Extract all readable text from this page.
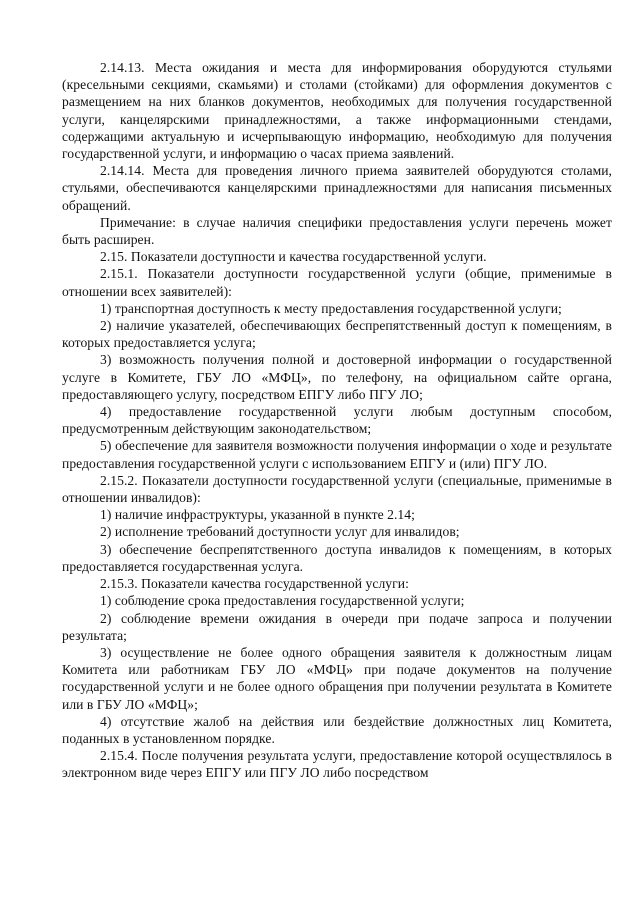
2.14.13. Места ожидания и места для информирования оборудуются стульями (кресельными секциями, скамьями) и столами (стойками) для оформления документов с размещением на них бланков документов, необходимых для получения государственной услуги, канцелярскими принадлежностями, а также информационными стендами, содержащими актуальную и исчерпывающую информацию, необходимую для получения государственной услуги, и информацию о часах приема заявлений.

2.14.14. Места для проведения личного приема заявителей оборудуются столами, стульями, обеспечиваются канцелярскими принадлежностями для написания письменных обращений.

Примечание: в случае наличия специфики предоставления услуги перечень может быть расширен.

2.15. Показатели доступности и качества государственной услуги.

2.15.1. Показатели доступности государственной услуги (общие, применимые в отношении всех заявителей):

1) транспортная доступность к месту предоставления государственной услуги;

2) наличие указателей, обеспечивающих беспрепятственный доступ к помещениям, в которых предоставляется услуга;

3) возможность получения полной и достоверной информации о государственной услуге в Комитете, ГБУ ЛО «МФЦ», по телефону, на официальном сайте органа, предоставляющего услугу, посредством ЕПГУ либо ПГУ ЛО;

4) предоставление государственной услуги любым доступным способом, предусмотренным действующим законодательством;

5) обеспечение для заявителя возможности получения информации о ходе и результате предоставления государственной услуги с использованием ЕПГУ и (или) ПГУ ЛО.

2.15.2. Показатели доступности государственной услуги (специальные, применимые в отношении инвалидов):

1) наличие инфраструктуры, указанной в пункте 2.14;

2) исполнение требований доступности услуг для инвалидов;

3) обеспечение беспрепятственного доступа инвалидов к помещениям, в которых предоставляется государственная услуга.

2.15.3. Показатели качества государственной услуги:

1) соблюдение срока предоставления государственной услуги;

2) соблюдение времени ожидания в очереди при подаче запроса и получении результата;

3) осуществление не более одного обращения заявителя к должностным лицам Комитета или работникам ГБУ ЛО «МФЦ» при подаче документов на получение государственной услуги и не более одного обращения при получении результата в Комитете или в ГБУ ЛО «МФЦ»;

4) отсутствие жалоб на действия или бездействие должностных лиц Комитета, поданных в установленном порядке.

2.15.4. После получения результата услуги, предоставление которой осуществлялось в электронном виде через ЕПГУ или ПГУ ЛО либо посредством
